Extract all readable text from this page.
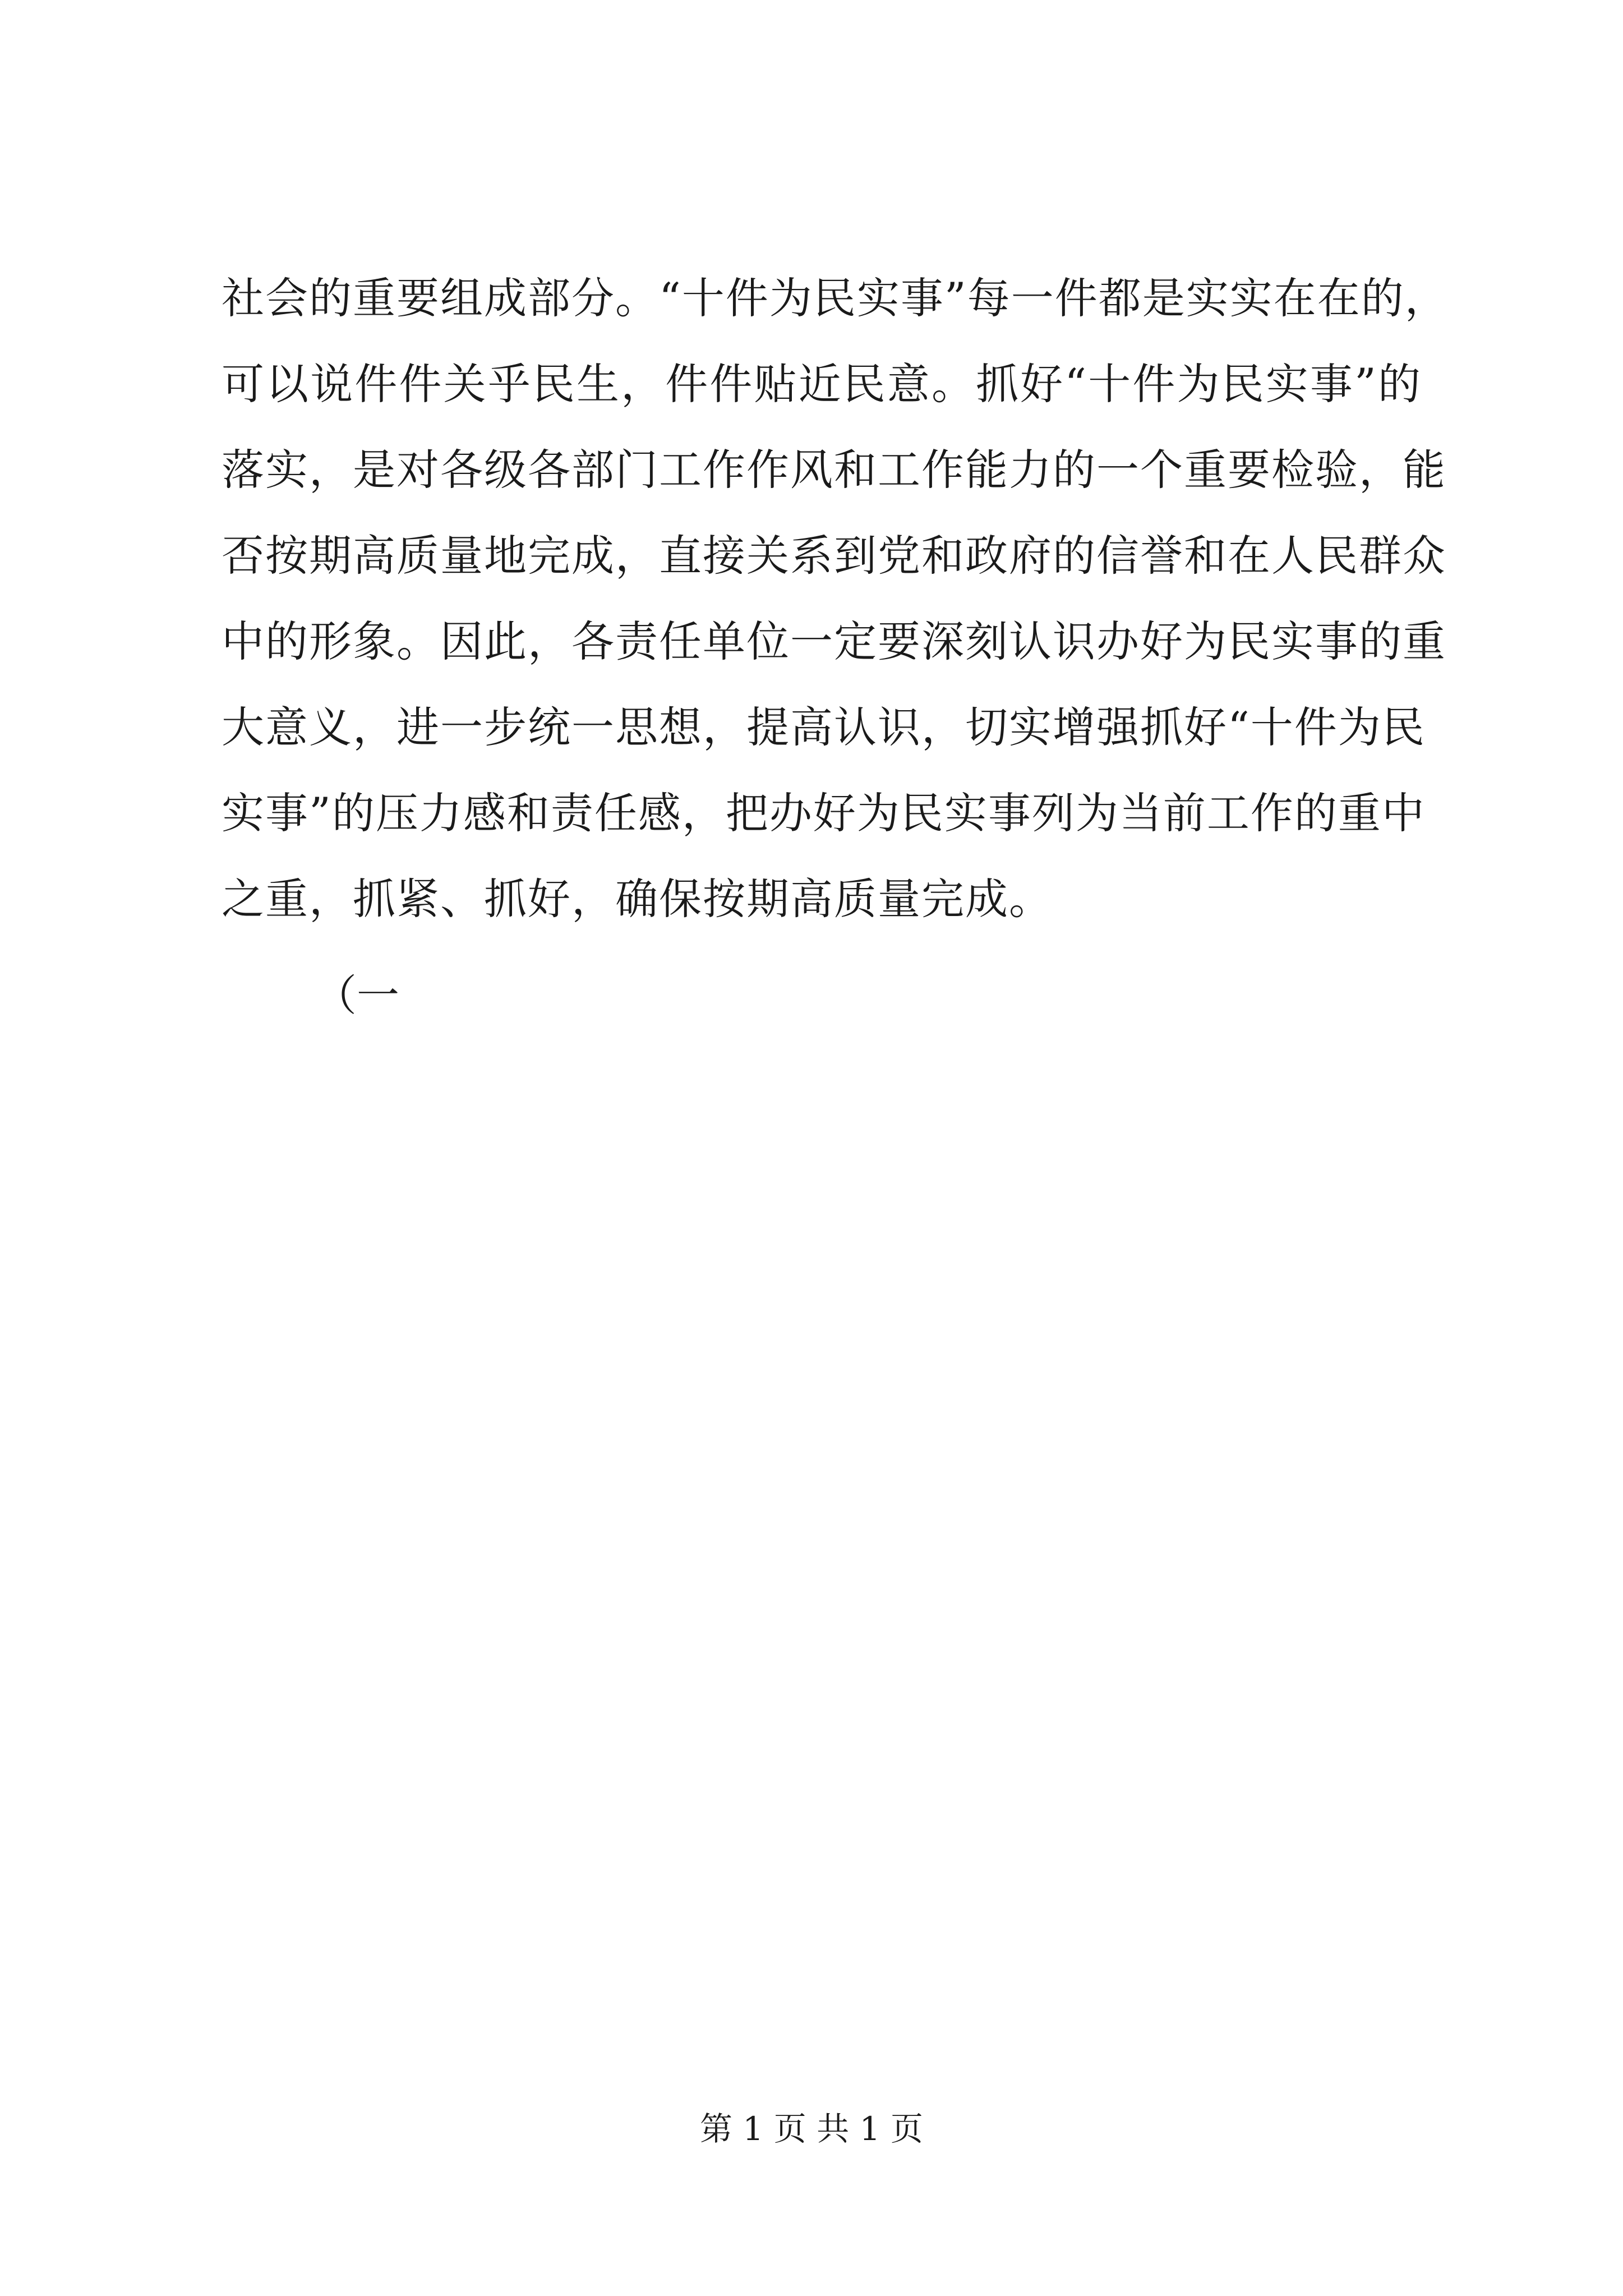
社会的重要组成部分。“十件为民实事”每一件都是实实在在的，
可以说件件关乎民生，件件贴近民意。抓好“十件为民实事”的
落实，是对各级各部门工作作风和工作能力的一个重要检验，能
否按期高质量地完成，直接关系到党和政府的信誉和在人民群众
中的形象。因此，各责任单位一定要深刻认识办好为民实事的重
大意义，进一步统一思想，提高认识，切实增强抓好“十件为民
实事”的压力感和责任感，把办好为民实事列为当前工作的重中
之重，抓紧、抓好，确保按期高质量完成。
（一
第 1 页 共 1 页
